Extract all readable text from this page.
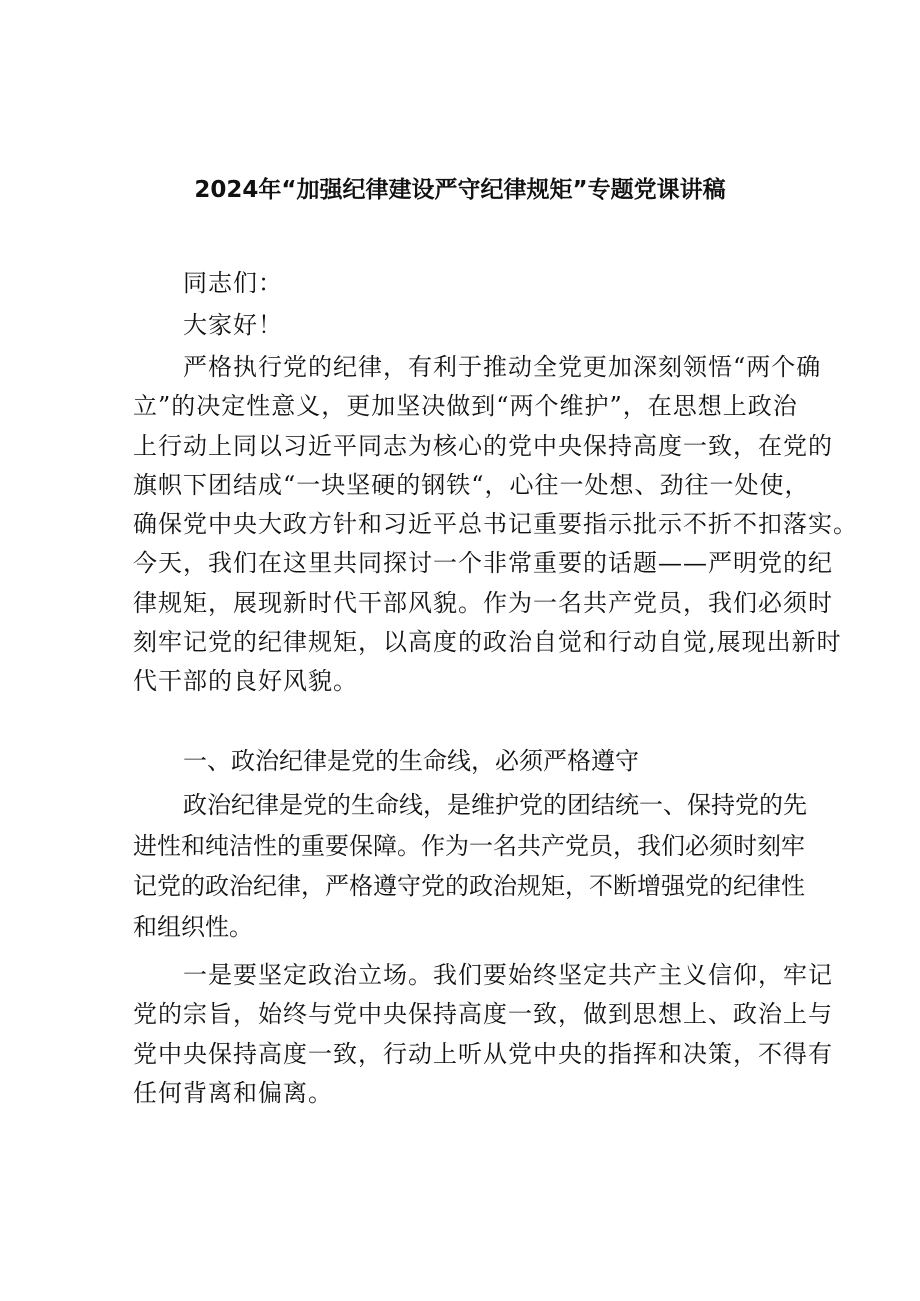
2024年“加强纪律建设严守纪律规矩”专题党课讲稿
同志们：
大家好！
严格执行党的纪律，有利于推动全党更加深刻领悟“两个确
立”的决定性意义，更加坚决做到“两个维护”，在思想上政治
上行动上同以习近平同志为核心的党中央保持高度一致，在党的
旗帜下团结成“一块坚硬的钢铁“，心往一处想、劲往一处使，
确保党中央大政方针和习近平总书记重要指示批示不折不扣落实。
今天，我们在这里共同探讨一个非常重要的话题——严明党的纪
律规矩，展现新时代干部风貌。作为一名共产党员，我们必须时
刻牢记党的纪律规矩，以高度的政治自觉和行动自觉,展现出新时
代干部的良好风貌。
一、政治纪律是党的生命线，必须严格遵守
政治纪律是党的生命线，是维护党的团结统一、保持党的先
进性和纯洁性的重要保障。作为一名共产党员，我们必须时刻牢
记党的政治纪律，严格遵守党的政治规矩，不断增强党的纪律性
和组织性。
一是要坚定政治立场。我们要始终坚定共产主义信仰，牢记
党的宗旨，始终与党中央保持高度一致，做到思想上、政治上与
党中央保持高度一致，行动上听从党中央的指挥和决策，不得有
任何背离和偏离。
